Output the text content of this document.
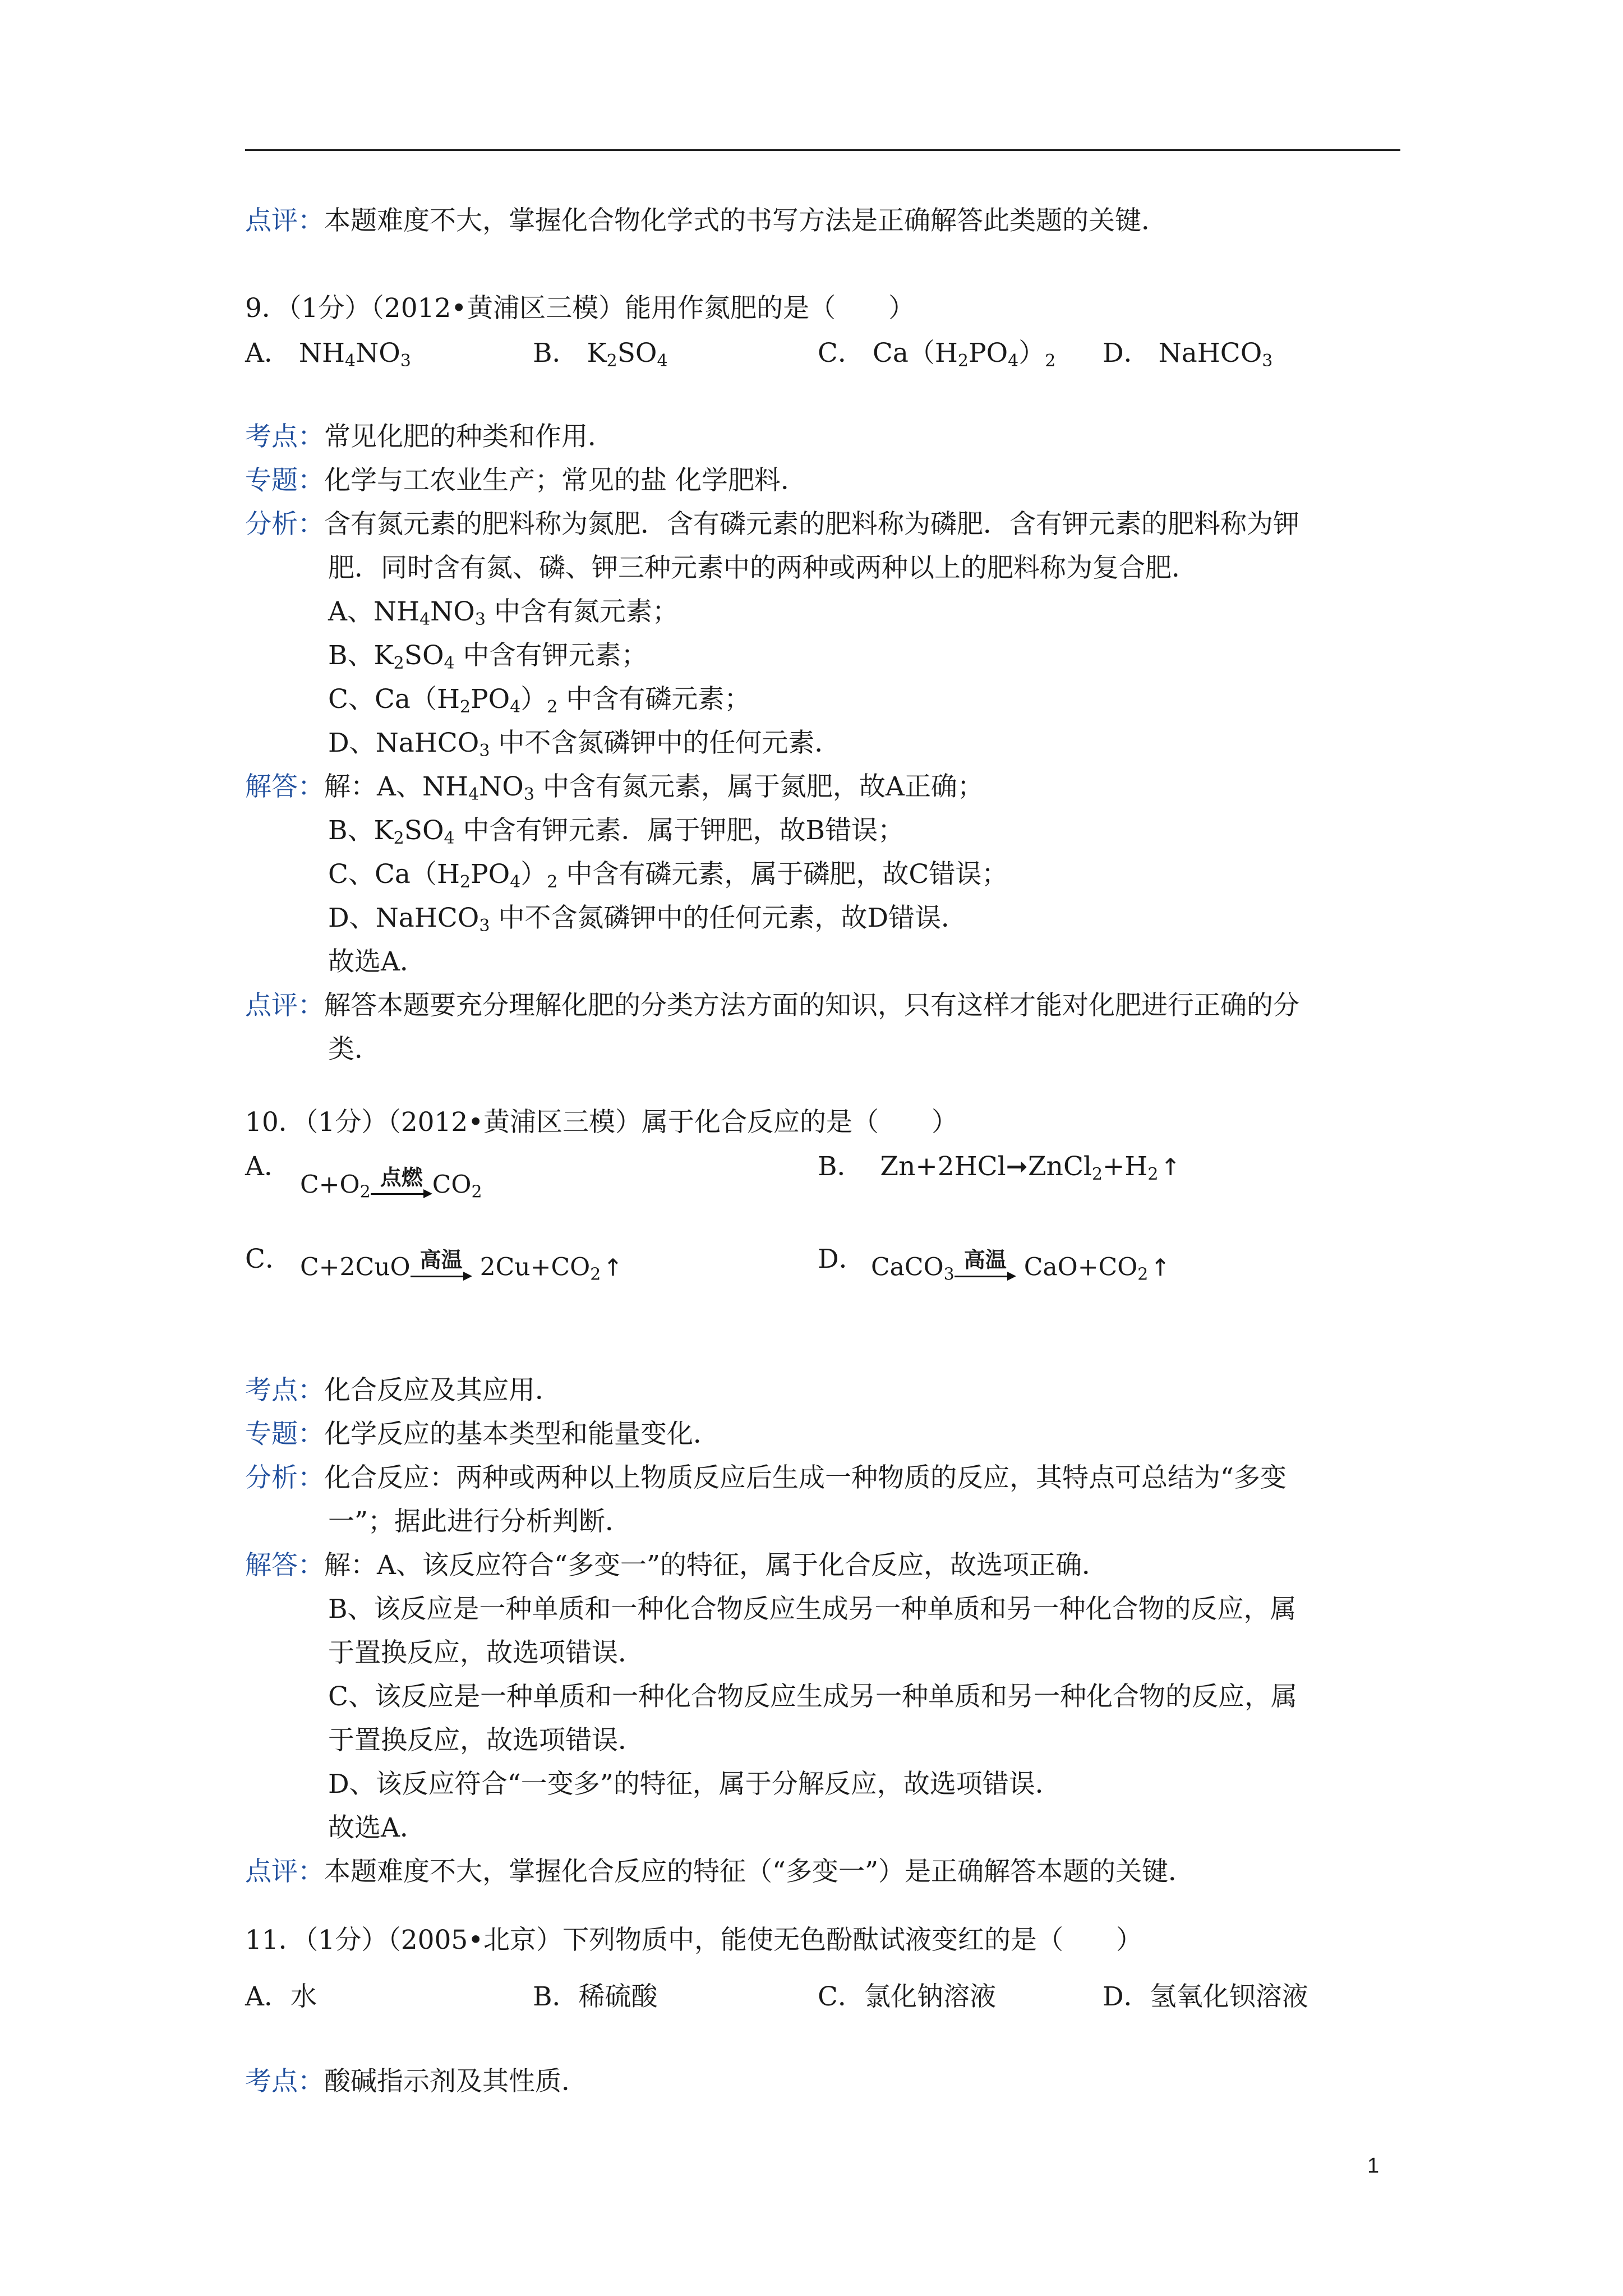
点评：本题难度不大，掌握化合物化学式的书写方法是正确解答此类题的关键．
9．（1分）（2012•黄浦区三模）能用作氮肥的是（　　）
A． $NH_4NO_3$	B． $K_2SO_4$	C． $Ca(H_2PO_4)_2$ D． NaHCO$_3$
考点：常见化肥的种类和作用．
专题：化学与工农业生产；常见的盐 化学肥料．
分析：含有氮元素的肥料称为氮肥．含有磷元素的肥料称为磷肥．含有钾元素的肥料称为钾
肥．同时含有氮、磷、钾三种元素中的两种或两种以上的肥料称为复合肥．
A、$NH_4NO_3$ 中含有氮元素；
B、$K_2SO_4$ 中含有钾元素；
C、$Ca(H_2PO_4)_2$ 中含有磷元素；
D、NaHCO$_3$ 中不含氮磷钾中的任何元素．
解答：解：A、$NH_4NO_3$ 中含有氮元素，属于氮肥，故A正确；
B、$K_2SO_4$ 中含有钾元素．属于钾肥，故B错误；
C、$Ca(H_2PO_4)_2$ 中含有磷元素，属于磷肥，故C错误；
D、NaHCO$_3$ 中不含氮磷钾中的任何元素，故D错误．
故选A．
点评：解答本题要充分理解化肥的分类方法方面的知识，只有这样才能对化肥进行正确的分
类．
10．（1分）（2012•黄浦区三模）属于化合反应的是（　　）
A．
$C+O_2$
点燃 $CO_2$
B．  $Zn+2HCl➞ZnCl_2+H_2↑$
C． C+2CuO 高温 $2Cu+CO_2↑$	D． CaCO$_3$
高温 $CaO+CO_2↑$
考点：化合反应及其应用．
专题：化学反应的基本类型和能量变化．
分析：化合反应：两种或两种以上物质反应后生成一种物质的反应，其特点可总结为“多变
一”；据此进行分析判断．
解答：解：A、该反应符合“多变一”的特征，属于化合反应，故选项正确．
B、该反应是一种单质和一种化合物反应生成另一种单质和另一种化合物的反应，属
于置换反应，故选项错误．
C、该反应是一种单质和一种化合物反应生成另一种单质和另一种化合物的反应，属
于置换反应，故选项错误．
D、该反应符合“一变多”的特征，属于分解反应，故选项错误．
故选A．
点评：本题难度不大，掌握化合反应的特征（“多变一”）是正确解答本题的关键．
11．（1分）（2005•北京）下列物质中，能使无色酚酞试液变红的是（　　）
A．水	B．稀硫酸	C．氯化钠溶液	D．氢氧化钡溶液
考点：酸碱指示剂及其性质．
1
